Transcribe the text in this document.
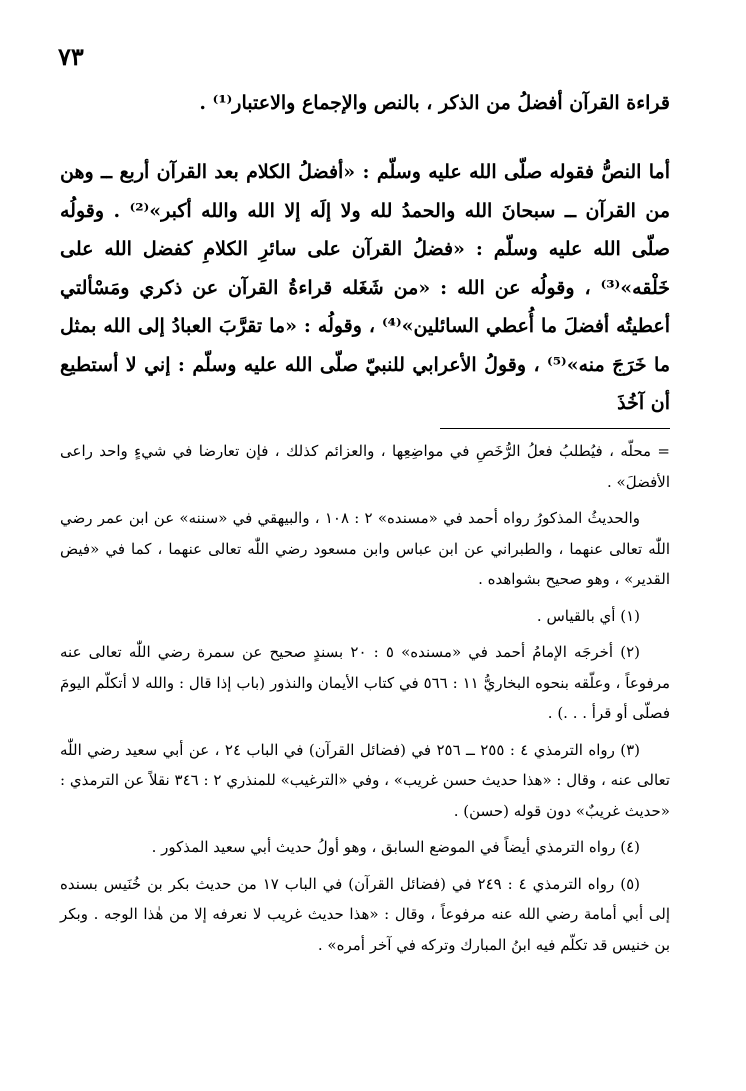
٧٣
قراءة القرآن أفضلُ من الذكر ، بالنص والإجماع والاعتبار⁽¹⁾ .
أما النصُّ فقوله صلّى الله عليه وسلّم : «أفضلُ الكلام بعد القرآن أربع ــ وهن من القرآن ــ سبحانَ الله والحمدُ لله ولا إلَه إلا الله والله أكبر»⁽²⁾ . وقولُه صلّى الله عليه وسلّم : «فضلُ القرآن على سائرِ الكلامِ كفضل الله على خَلْقه»⁽³⁾ ، وقولُه عن الله : «من شَغَله قراءةُ القرآن عن ذكري ومَسْألتي أعطيتُه أفضلَ ما أُعطي السائلين»⁽⁴⁾ ، وقولُه : «ما تقرَّبَ العبادُ إلى الله بمثل ما خَرَجَ منه»⁽⁵⁾ ، وقولُ الأعرابي للنبيّ صلّى الله عليه وسلّم : إني لا أستطيع أن آخُذَ

= محلّه ، فيُطلبُ فعلُ الرُّخَصِ في مواضِعِها ، والعزائم كذلك ، فإن تعارضا في شيءٍ واحد راعى الأفضلَ» .

والحديثُ المذكورُ رواه أحمد في «مسنده» ٢ : ١٠٨ ، والبيهقي في «سننه» عن ابن عمر رضي اللّٰه تعالى عنهما ، والطبراني عن ابن عباس وابن مسعود رضي اللّٰه تعالى عنهما ، كما في «فيض القدير» ، وهو صحيح بشواهده .

(١) أي بالقياس .

(٢) أخرجَه الإمامُ أحمد في «مسنده» ٥ : ٢٠ بسندٍ صحيح عن سمرة رضي اللّٰه تعالى عنه مرفوعاً ، وعلّقه بنحوه البخاريُّ ١١ : ٥٦٦ في كتاب الأيمان والنذور (باب إذا قال : والله لا أتكلّم اليومَ فصلّى أو قرأ . . .) .

(٣) رواه الترمذي ٤ : ٢٥٥ ــ ٢٥٦ في (فضائل القرآن) في الباب ٢٤ ، عن أبي سعيد رضي اللّٰه تعالى عنه ، وقال : «هذا حديث حسن غريب» ، وفي «الترغيب» للمنذري ٢ : ٣٤٦ نقلاً عن الترمذي : «حديث غريبٌ» دون قوله (حسن) .

(٤) رواه الترمذي أيضاً في الموضع السابق ، وهو أولُ حديث أبي سعيد المذكور .

(٥) رواه الترمذي ٤ : ٢٤٩ في (فضائل القرآن) في الباب ١٧ من حديث بكر بن خُنَيس بسنده إلى أبي أمامة رضي الله عنه مرفوعاً ، وقال : «هذا حديث غريب لا نعرفه إلا من هٰذا الوجه . وبكر بن خنيس قد تكلّم فيه ابنُ المبارك وتركه في آخر أمره» .
